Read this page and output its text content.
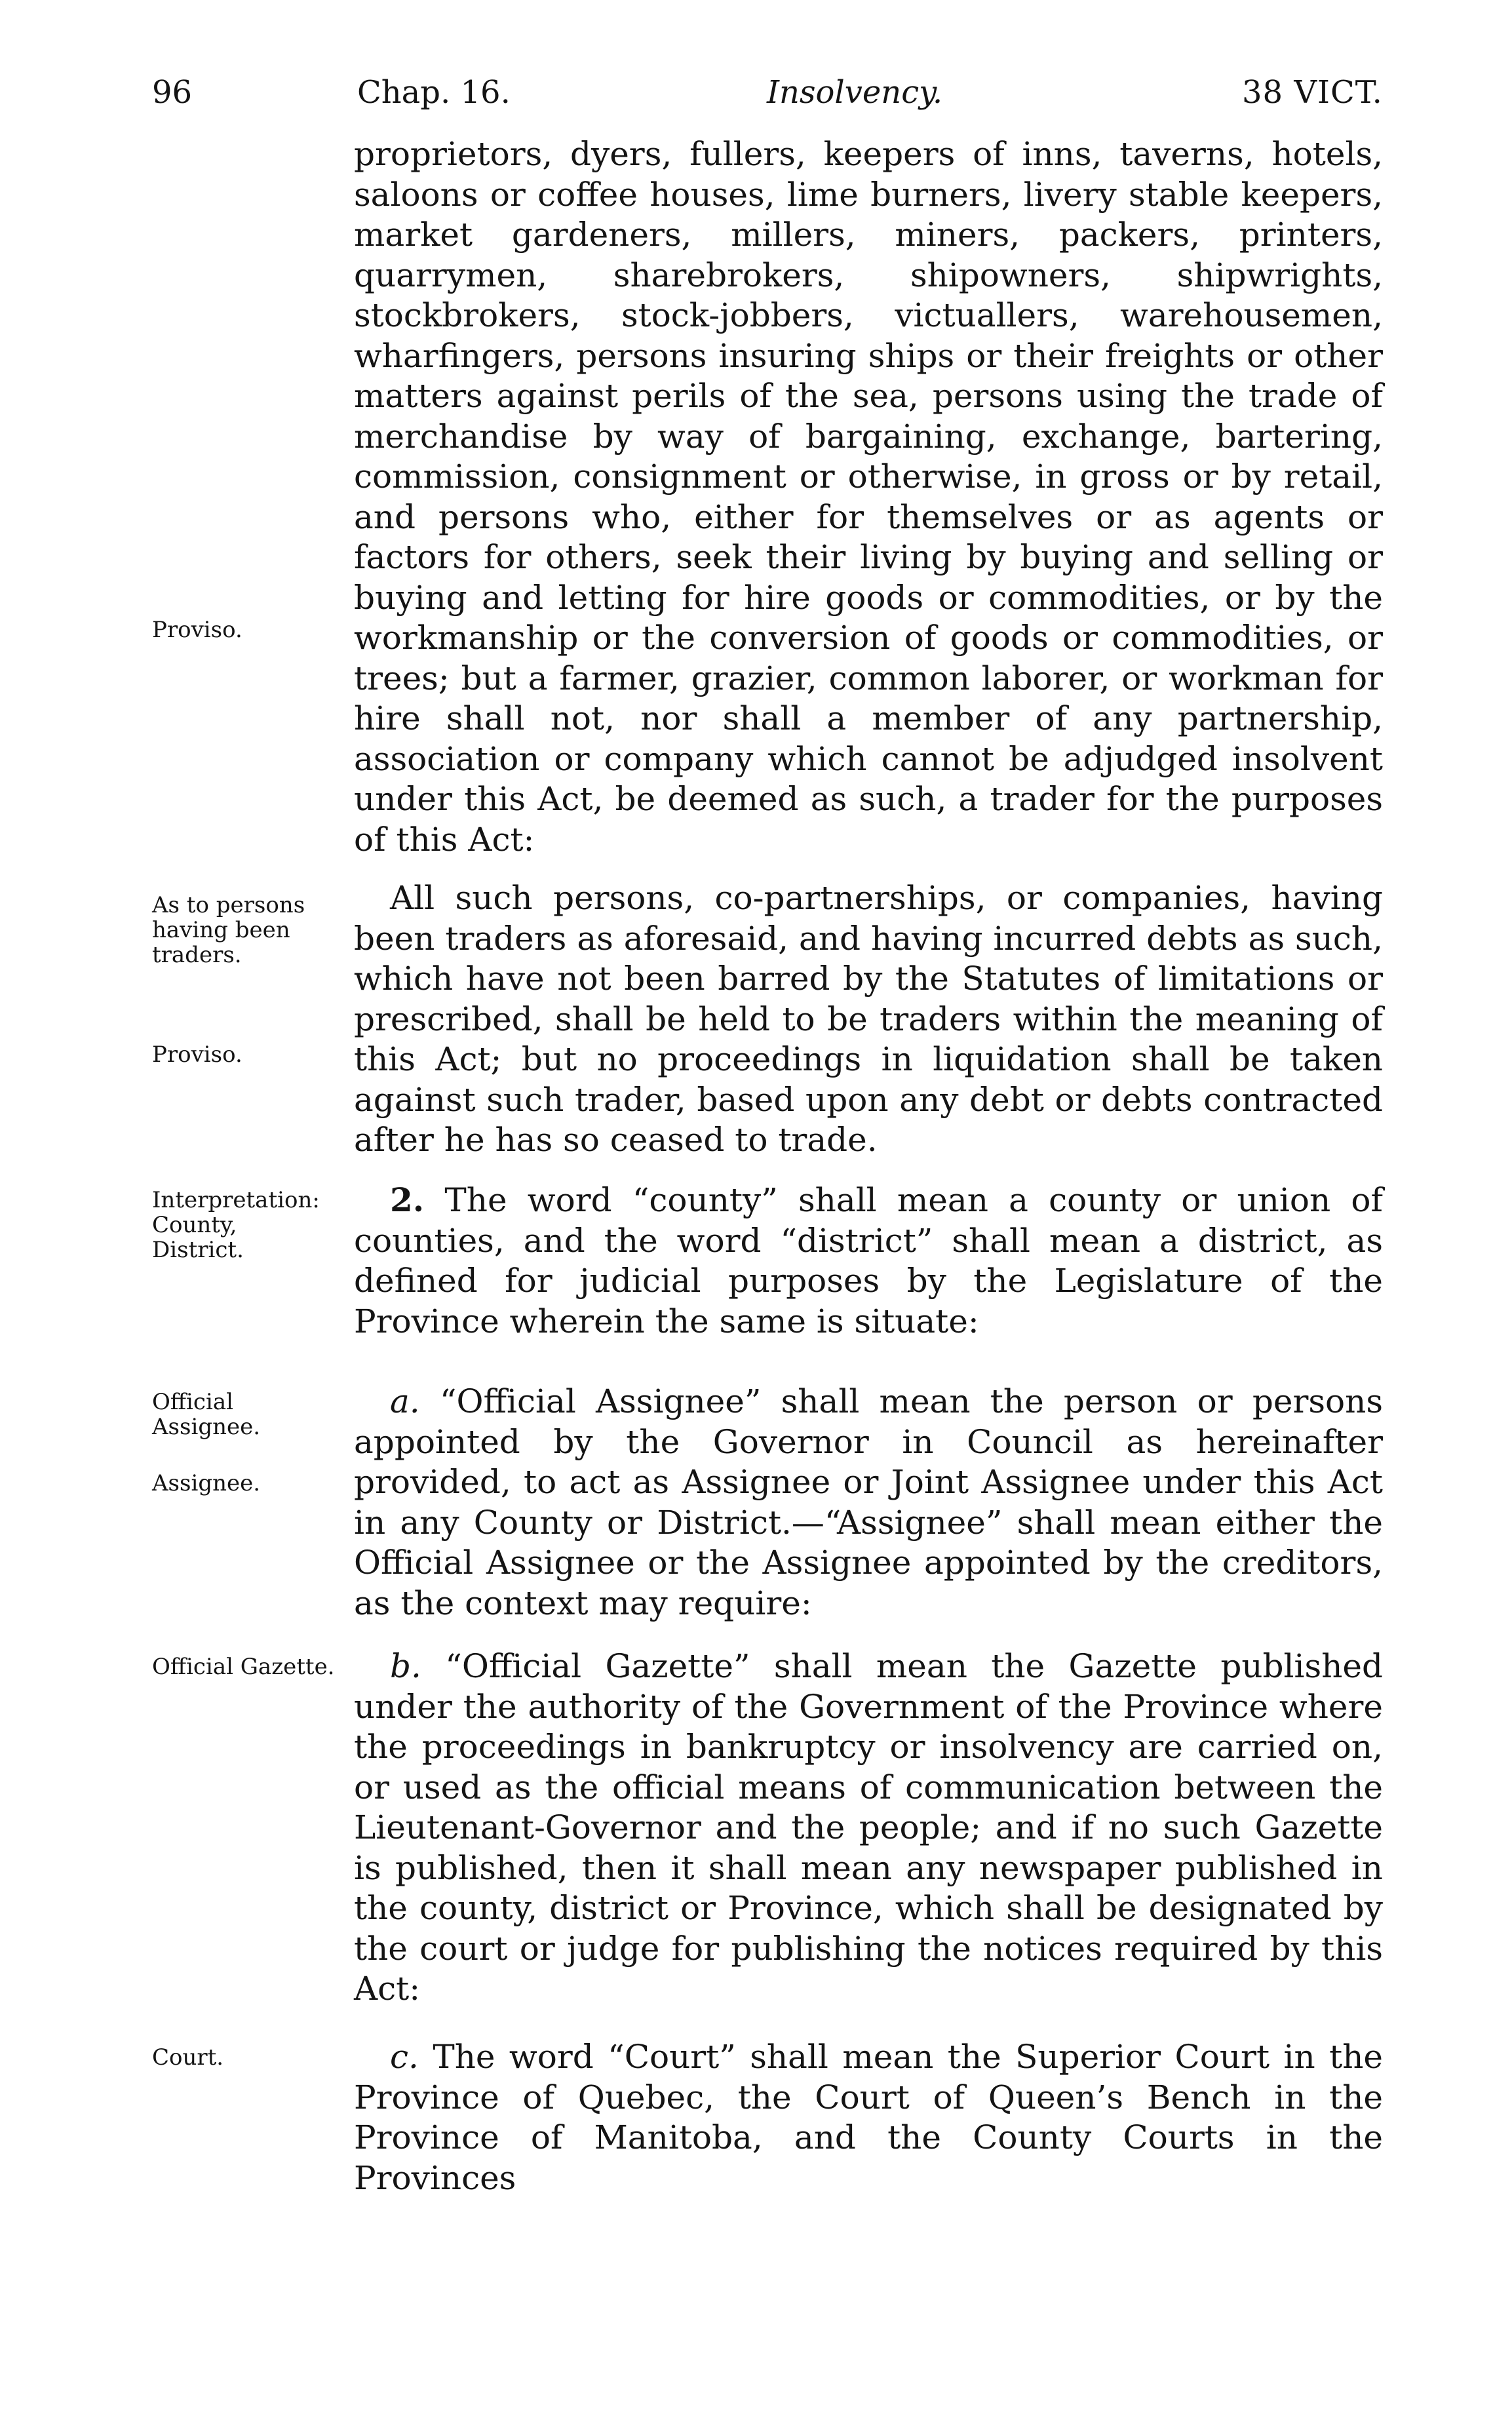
96	Chap. 16.	Insolvency.	38 VICT.
Proviso.
As to persons having been traders.
Proviso.
Interpretation: County, District.
Official Assignee.
Assignee.
Official Gazette.
Court.

proprietors, dyers, fullers, keepers of inns, taverns, hotels, saloons or coffee houses, lime burners, livery stable keepers, market gardeners, millers, miners, packers, printers, quarrymen, sharebrokers, shipowners, shipwrights, stockbrokers, stock-jobbers, victuallers, warehousemen, wharfingers, persons insuring ships or their freights or other matters against perils of the sea, persons using the trade of merchandise by way of bargaining, exchange, bartering, commission, consignment or otherwise, in gross or by retail, and persons who, either for themselves or as agents or factors for others, seek their living by buying and selling or buying and letting for hire goods or commodities, or by the workmanship or the conversion of goods or commodities, or trees; but a farmer, grazier, common laborer, or workman for hire shall not, nor shall a member of any partnership, association or company which cannot be adjudged insolvent under this Act, be deemed as such, a trader for the purposes of this Act:

All such persons, co-partnerships, or companies, having been traders as aforesaid, and having incurred debts as such, which have not been barred by the Statutes of limitations or prescribed, shall be held to be traders within the meaning of this Act; but no proceedings in liquidation shall be taken against such trader, based upon any debt or debts contracted after he has so ceased to trade.

2. The word “county” shall mean a county or union of counties, and the word “district” shall mean a district, as defined for judicial purposes by the Legislature of the Province wherein the same is situate:

a. “Official Assignee” shall mean the person or persons appointed by the Governor in Council as hereinafter provided, to act as Assignee or Joint Assignee under this Act in any County or District.—“Assignee” shall mean either the Official Assignee or the Assignee appointed by the creditors, as the context may require:

b. “Official Gazette” shall mean the Gazette published under the authority of the Government of the Province where the proceedings in bankruptcy or insolvency are carried on, or used as the official means of communication between the Lieutenant-Governor and the people; and if no such Gazette is published, then it shall mean any newspaper published in the county, district or Province, which shall be designated by the court or judge for publishing the notices required by this Act:

c. The word “Court” shall mean the Superior Court in the Province of Quebec, the Court of Queen’s Bench in the Province of Manitoba, and the County Courts in the Provinces
